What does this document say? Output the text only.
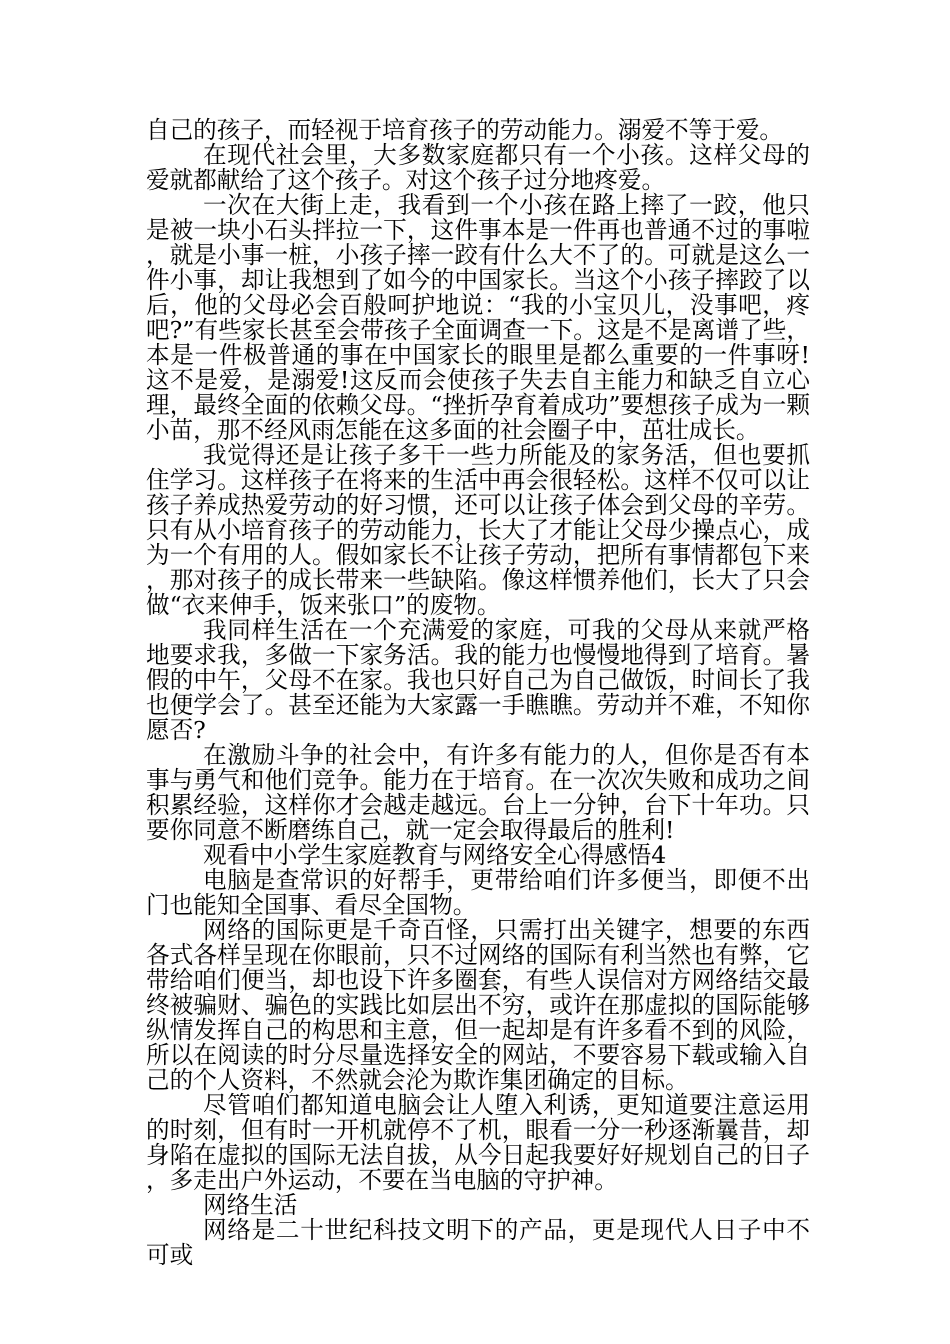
自己的孩子，而轻视于培育孩子的劳动能力。溺爱不等于爱。

在现代社会里，大多数家庭都只有一个小孩。这样父母的爱就都献给了这个孩子。对这个孩子过分地疼爱。

一次在大街上走，我看到一个小孩在路上摔了一跤，他只是被一块小石头拌拉一下，这件事本是一件再也普通不过的事啦，就是小事一桩，小孩子摔一跤有什么大不了的。可就是这么一件小事，却让我想到了如今的中国家长。当这个小孩子摔跤了以后，他的父母必会百般呵护地说：“我的小宝贝儿，没事吧，疼吧?”有些家长甚至会带孩子全面调查一下。这是不是离谱了些，本是一件极普通的事在中国家长的眼里是都么重要的一件事呀!这不是爱，是溺爱!这反而会使孩子失去自主能力和缺乏自立心理，最终全面的依赖父母。“挫折孕育着成功”要想孩子成为一颗小苗，那不经风雨怎能在这多面的社会圈子中，茁壮成长。

我觉得还是让孩子多干一些力所能及的家务活，但也要抓住学习。这样孩子在将来的生活中再会很轻松。这样不仅可以让孩子养成热爱劳动的好习惯，还可以让孩子体会到父母的辛劳。只有从小培育孩子的劳动能力，长大了才能让父母少操点心，成为一个有用的人。假如家长不让孩子劳动，把所有事情都包下来，那对孩子的成长带来一些缺陷。像这样惯养他们，长大了只会做“衣来伸手，饭来张口”的废物。

我同样生活在一个充满爱的家庭，可我的父母从来就严格地要求我，多做一下家务活。我的能力也慢慢地得到了培育。暑假的中午，父母不在家。我也只好自己为自己做饭，时间长了我也便学会了。甚至还能为大家露一手瞧瞧。劳动并不难，不知你愿否?

在激励斗争的社会中，有许多有能力的人，但你是否有本事与勇气和他们竞争。能力在于培育。在一次次失败和成功之间积累经验，这样你才会越走越远。台上一分钟，台下十年功。只要你同意不断磨练自己，就一定会取得最后的胜利!

观看中小学生家庭教育与网络安全心得感悟4

电脑是查常识的好帮手，更带给咱们许多便当，即便不出门也能知全国事、看尽全国物。

网络的国际更是千奇百怪，只需打出关键字，想要的东西各式各样呈现在你眼前，只不过网络的国际有利当然也有弊，它带给咱们便当，却也设下许多圈套，有些人误信对方网络结交最终被骗财、骗色的实践比如层出不穷，或许在那虚拟的国际能够纵情发挥自己的构思和主意，但一起却是有许多看不到的风险，所以在阅读的时分尽量选择安全的网站，不要容易下载或输入自己的个人资料，不然就会沦为欺诈集团确定的目标。

尽管咱们都知道电脑会让人堕入利诱，更知道要注意运用的时刻，但有时一开机就停不了机，眼看一分一秒逐渐曩昔，却身陷在虚拟的国际无法自拔，从今日起我要好好规划自己的日子，多走出户外运动，不要在当电脑的守护神。

网络生活

网络是二十世纪科技文明下的产品，更是现代人日子中不可或
